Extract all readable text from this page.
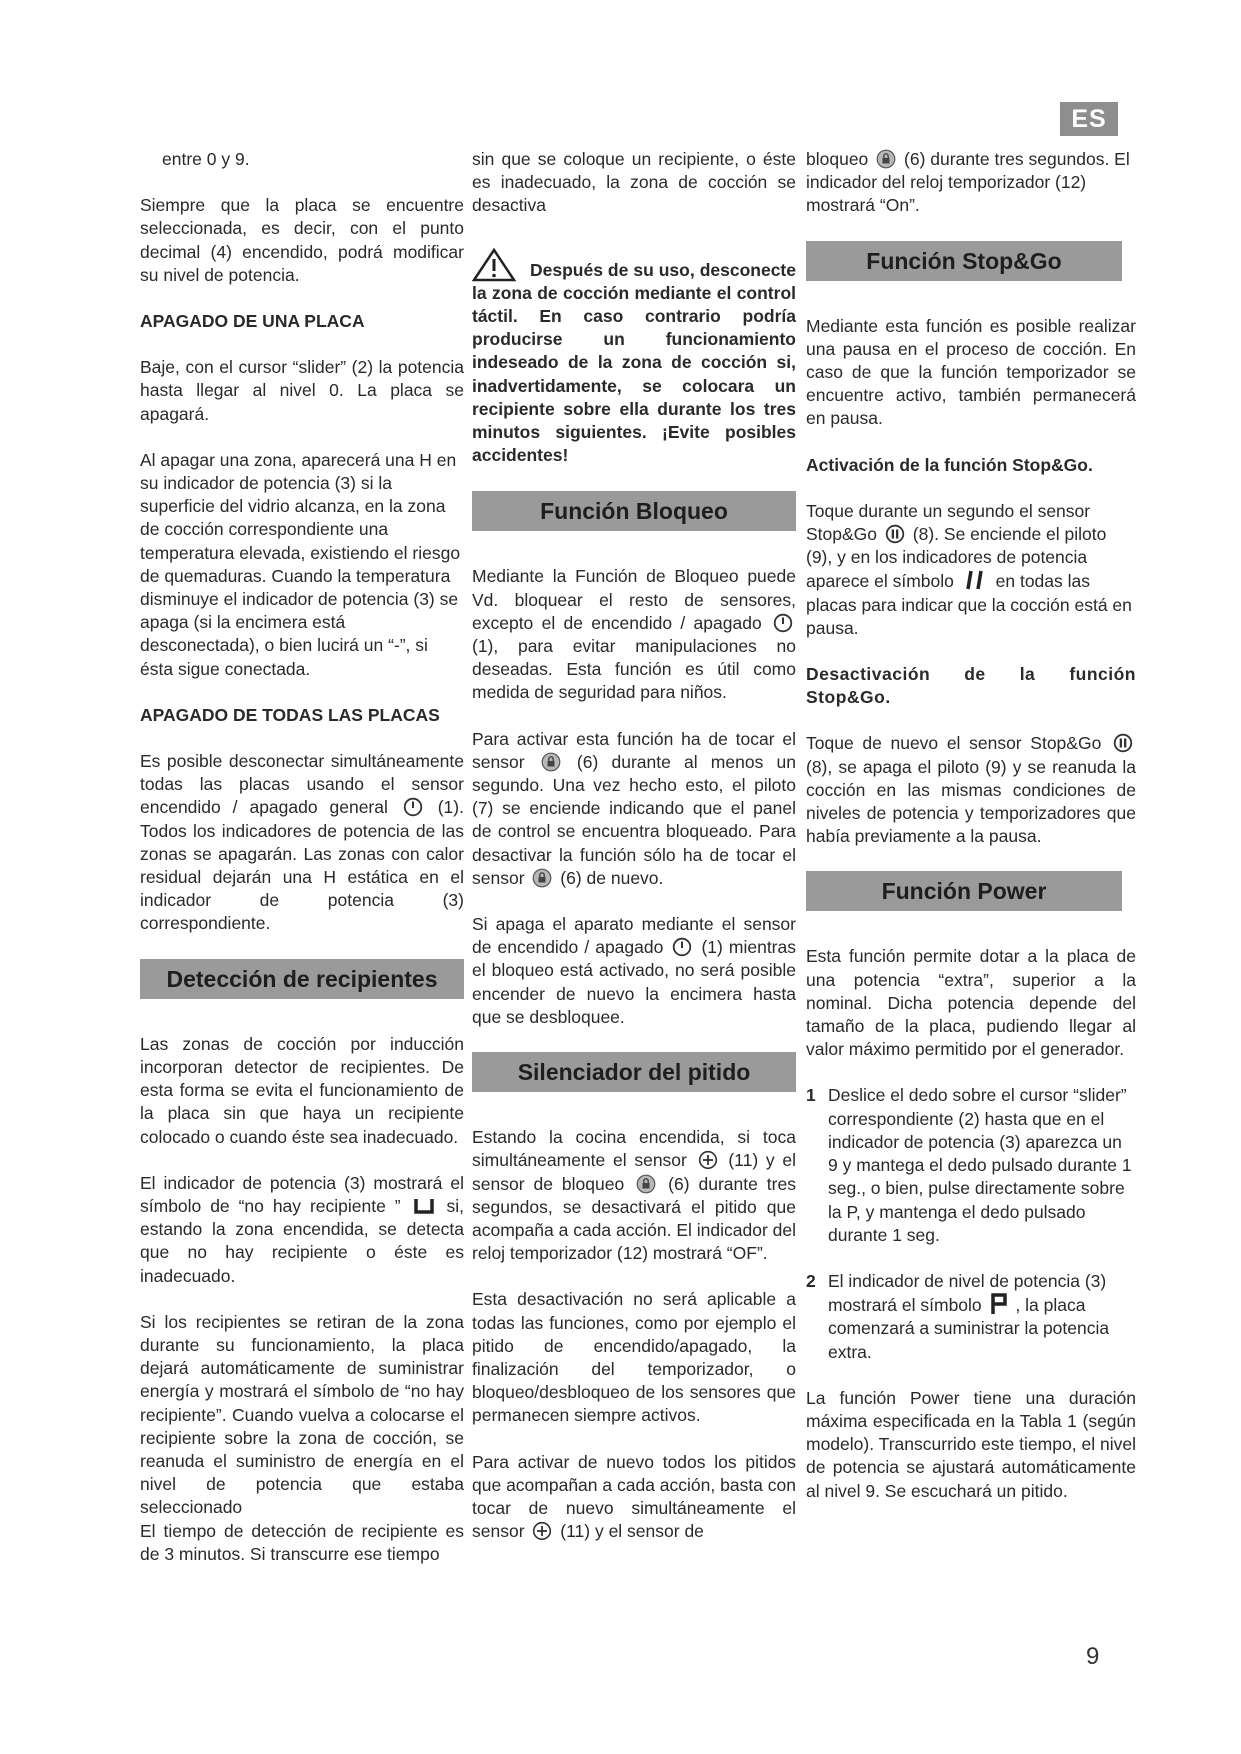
ES

entre 0 y 9.

Siempre que la placa se encuentre seleccionada, es decir, con el punto decimal (4) encendido, podrá modificar su nivel de potencia.

APAGADO DE UNA PLACA

Baje, con el cursor “slider” (2) la potencia hasta llegar al nivel 0. La placa se apagará.

Al apagar una zona, aparecerá una H en su indicador de potencia (3) si la superficie del vidrio alcanza, en la zona de cocción correspondiente una temperatura elevada, existiendo el riesgo de quemaduras. Cuando la temperatura disminuye el indicador de potencia (3) se apaga (si la encimera está desconectada), o bien lucirá un “-”, si ésta sigue conectada.

APAGADO DE TODAS LAS PLACAS

Es posible desconectar simultáneamente todas las placas usando el sensor encendido / apagado general	(1). Todos los indicadores de potencia de las zonas se apagarán. Las zonas con calor residual dejarán una H estática en el indicador de potencia (3) correspondiente.

Detección de recipientes

Las zonas de cocción por inducción incorporan detector de recipientes. De esta forma se evita el funcionamiento de la placa sin que haya un recipiente colocado o cuando éste sea inadecuado.

El indicador de potencia (3) mostrará el símbolo de “no hay recipiente ”	si, estando la zona encendida, se detecta que no hay recipiente o éste es inadecuado.

Si los recipientes se retiran de la zona durante su funcionamiento, la placa dejará automáticamente de suministrar energía y mostrará el símbolo de “no hay recipiente”. Cuando vuelva a colocarse el recipiente sobre la zona de cocción, se reanuda el suministro de energía en el nivel de potencia que estaba seleccionado

El tiempo de detección de recipiente es de 3 minutos. Si transcurre ese tiempo

sin que se coloque un recipiente, o éste es inadecuado, la zona de cocción se desactiva

Después de su uso, desconecte la zona de cocción mediante el control táctil. En caso contrario podría producirse un funcionamiento indeseado de la zona de cocción si, inadvertidamente, se colocara un recipiente sobre ella durante los tres minutos siguientes. ¡Evite posibles accidentes!
Función Bloqueo

Mediante la Función de Bloqueo puede Vd. bloquear el resto de sensores, excepto el de encendido / apagado  (1), para evitar manipulaciones no deseadas. Esta función es útil como medida de seguridad para niños.

Para activar esta función ha de tocar el sensor	(6) durante al menos un segundo. Una vez hecho esto, el piloto (7) se enciende indicando que el panel de control se encuentra bloqueado. Para desactivar la función sólo ha de tocar el sensor (6) de nuevo.

Si apaga el aparato mediante el sensor de encendido / apagado (1) mientras el bloqueo está activado, no será posible encender de nuevo la encimera hasta que se desbloquee.

Silenciador del pitido

Estando la cocina encendida, si toca simultáneamente el sensor (11) y el sensor de bloqueo	(6) durante tres segundos, se desactivará el pitido que acompaña a cada acción. El indicador del reloj temporizador (12) mostrará “OF”.

Esta desactivación no será aplicable a todas las funciones, como por ejemplo el pitido de encendido/apagado, la finalización del temporizador, o bloqueo/desbloqueo de los sensores que permanecen siempre activos.

Para activar de nuevo todos los pitidos que acompañan a cada acción, basta con tocar de nuevo simultáneamente el sensor (11) y el sensor de

bloqueo (6) durante tres segundos. El indicador del reloj temporizador (12) mostrará “On”.

Función Stop&Go

Mediante esta función es posible realizar una pausa en el proceso de cocción. En caso de que la función temporizador se encuentre activo, también permanecerá en pausa.

Activación de la función Stop&Go.

Toque durante un segundo el sensor Stop&Go (8). Se enciende el piloto (9), y en los indicadores de potencia aparece el símbolo en todas las placas para indicar que la cocción está en pausa.

Desactivación de la función Stop&Go.

Toque de nuevo el sensor Stop&Go  (8), se apaga el piloto (9) y se reanuda la cocción en las mismas condiciones de niveles de potencia y temporizadores que había previamente a la pausa.

Función Power

Esta función permite dotar a la placa de una potencia “extra”, superior a la nominal. Dicha potencia depende del tamaño de la placa, pudiendo llegar al valor máximo permitido por el generador.

1 Deslice el dedo sobre el cursor “slider” correspondiente (2) hasta que en el indicador de potencia (3) aparezca un 9 y mantega el dedo pulsado durante 1 seg., o bien, pulse directamente sobre la P, y mantenga el dedo pulsado durante 1 seg.
2 El indicador de nivel de potencia (3) mostrará el símbolo , la placa comenzará a suministrar la potencia extra.

La función Power tiene una duración máxima especificada en la Tabla 1 (según modelo). Transcurrido este tiempo, el nivel de potencia se ajustará automáticamente al nivel 9. Se escuchará un pitido.

9
